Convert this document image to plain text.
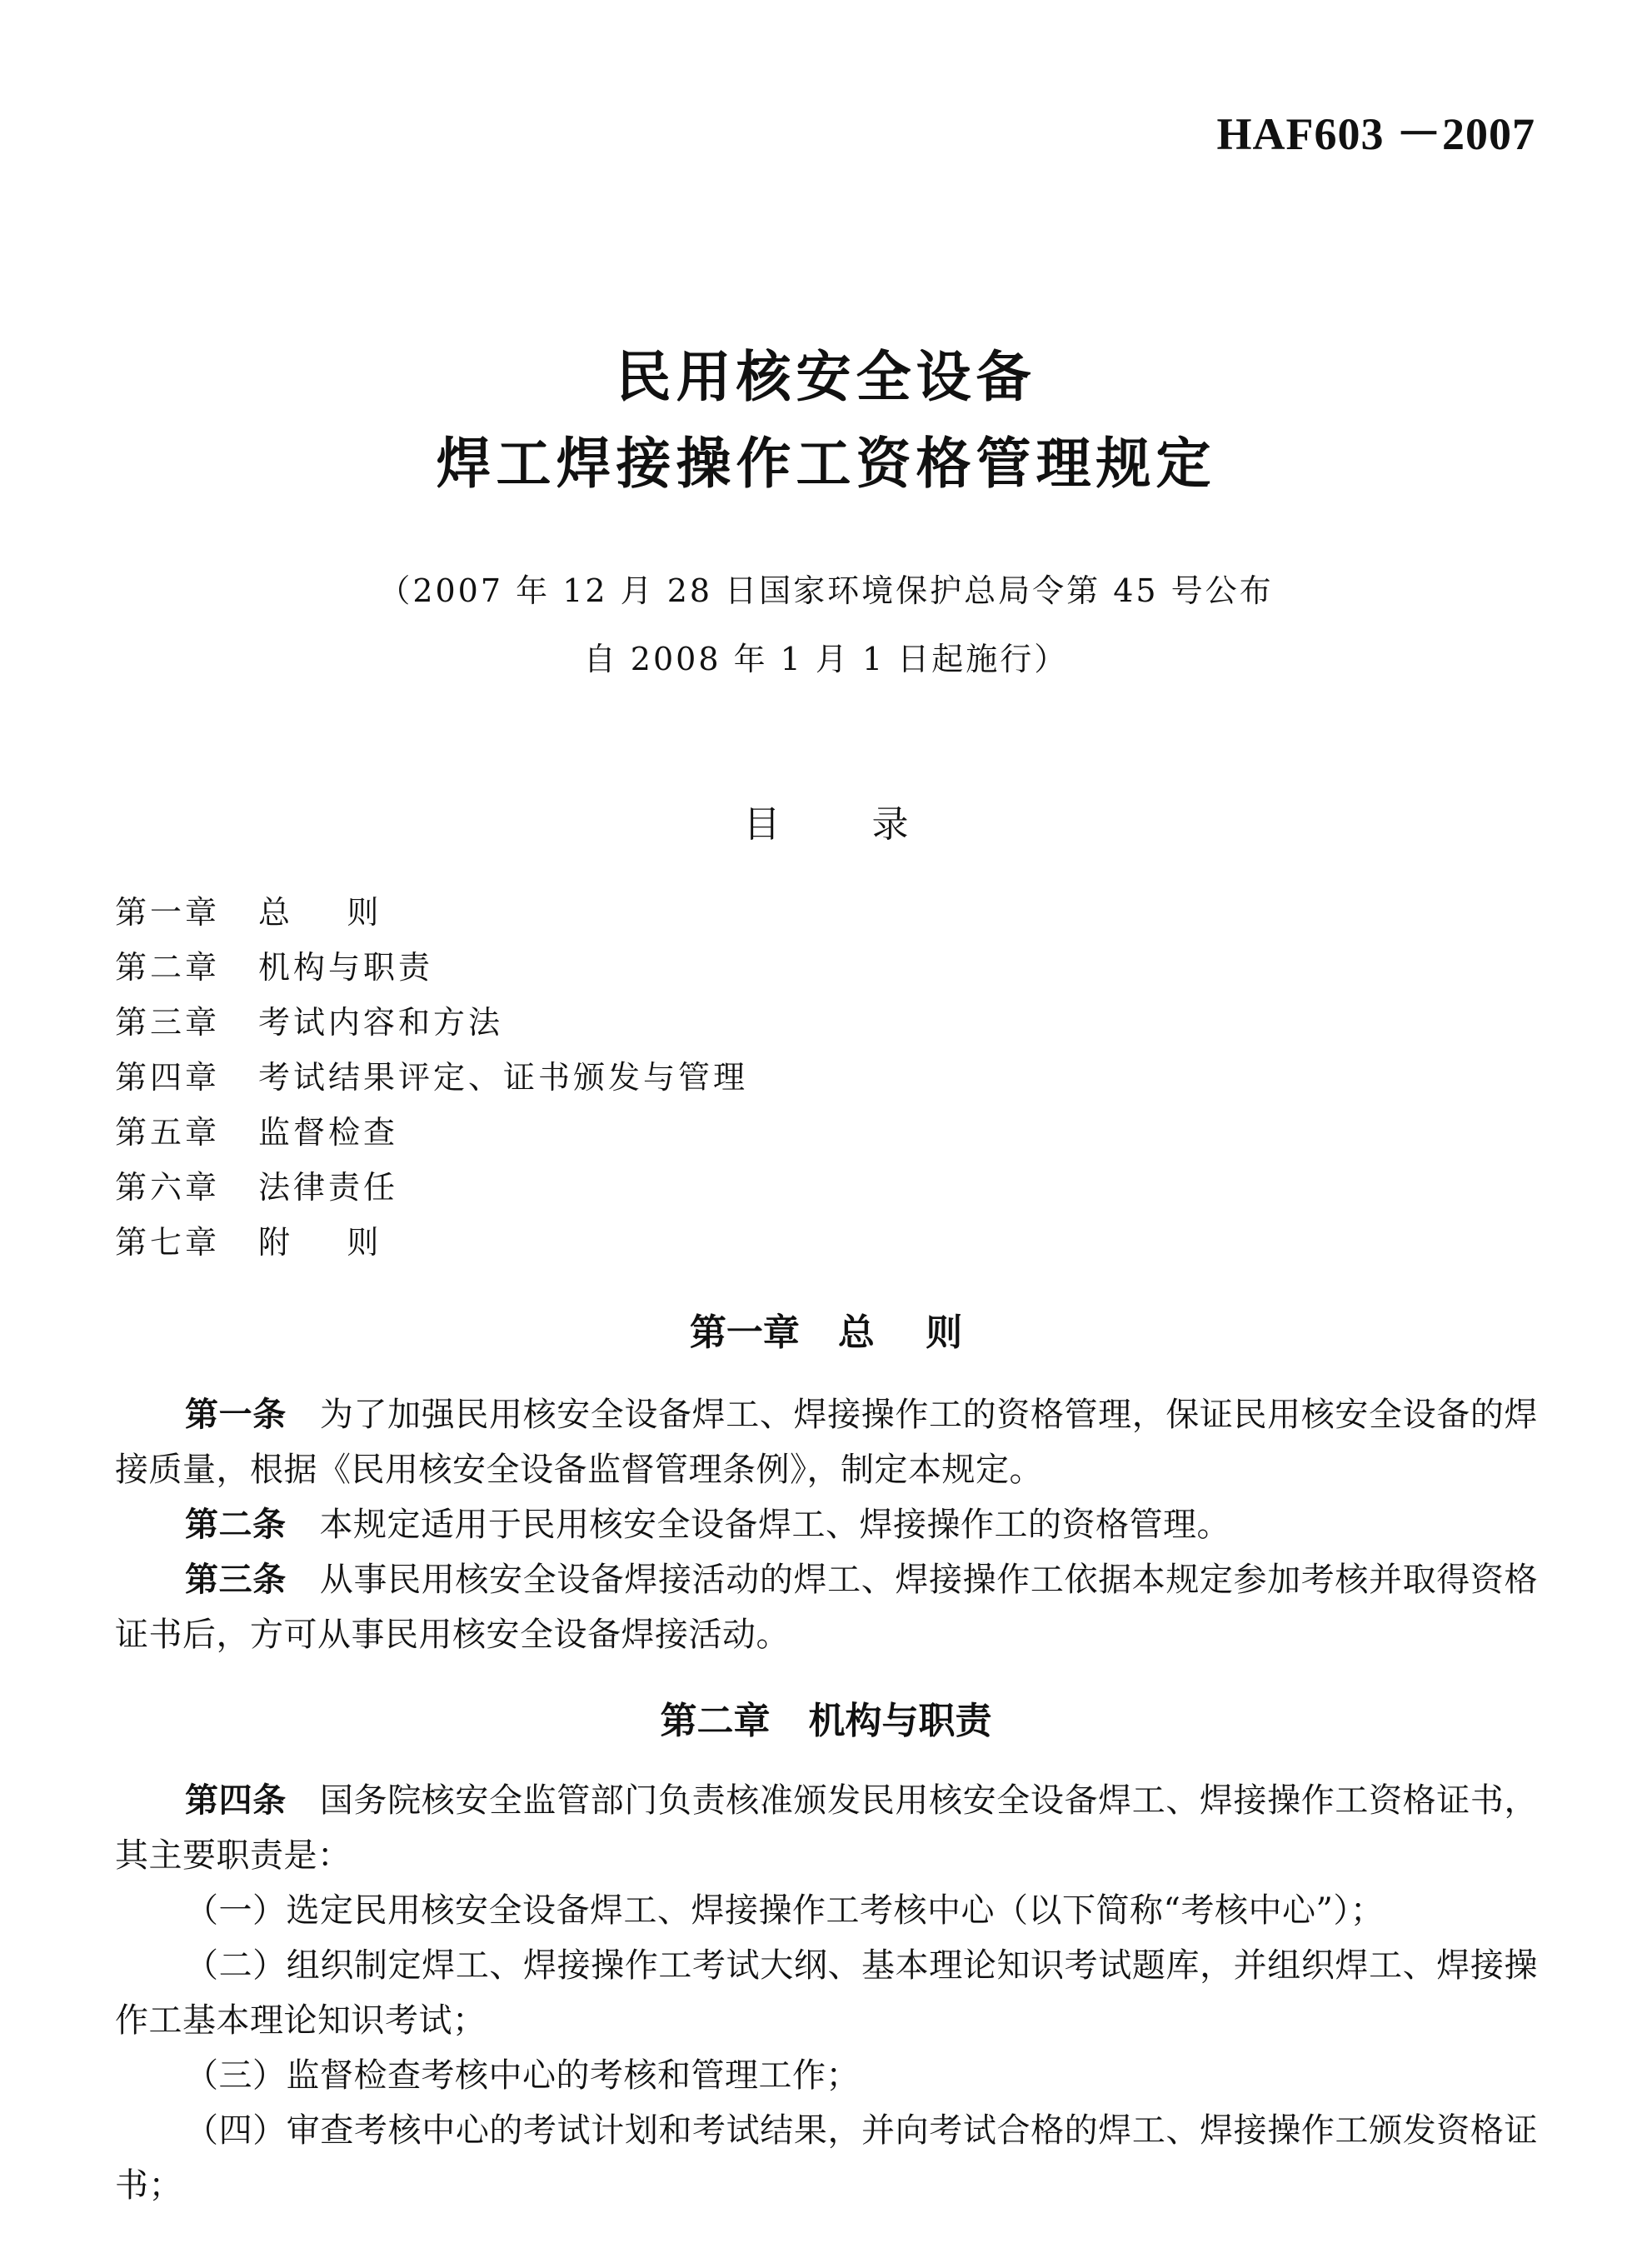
HAF603 －2007
民用核安全设备
焊工焊接操作工资格管理规定
（2007 年 12 月 28 日国家环境保护总局令第 45 号公布
自 2008 年 1 月 1 日起施行）
目	录
第一章	总    则
第二章	机构与职责
第三章	考试内容和方法
第四章	考试结果评定、证书颁发与管理
第五章	监督检查
第六章	法律责任
第七章	附    则
第一章   总    则

第一条 为了加强民用核安全设备焊工、焊接操作工的资格管理，保证民用核安全设备的焊接质量，根据《民用核安全设备监督管理条例》，制定本规定。

第二条 本规定适用于民用核安全设备焊工、焊接操作工的资格管理。

第三条 从事民用核安全设备焊接活动的焊工、焊接操作工依据本规定参加考核并取得资格证书后，方可从事民用核安全设备焊接活动。

第二章   机构与职责

第四条 国务院核安全监管部门负责核准颁发民用核安全设备焊工、焊接操作工资格证书，其主要职责是：

（一）选定民用核安全设备焊工、焊接操作工考核中心（以下简称“考核中心”）；

（二）组织制定焊工、焊接操作工考试大纲、基本理论知识考试题库，并组织焊工、焊接操作工基本理论知识考试；

（三）监督检查考核中心的考核和管理工作；

（四）审查考核中心的考试计划和考试结果，并向考试合格的焊工、焊接操作工颁发资格证书；
